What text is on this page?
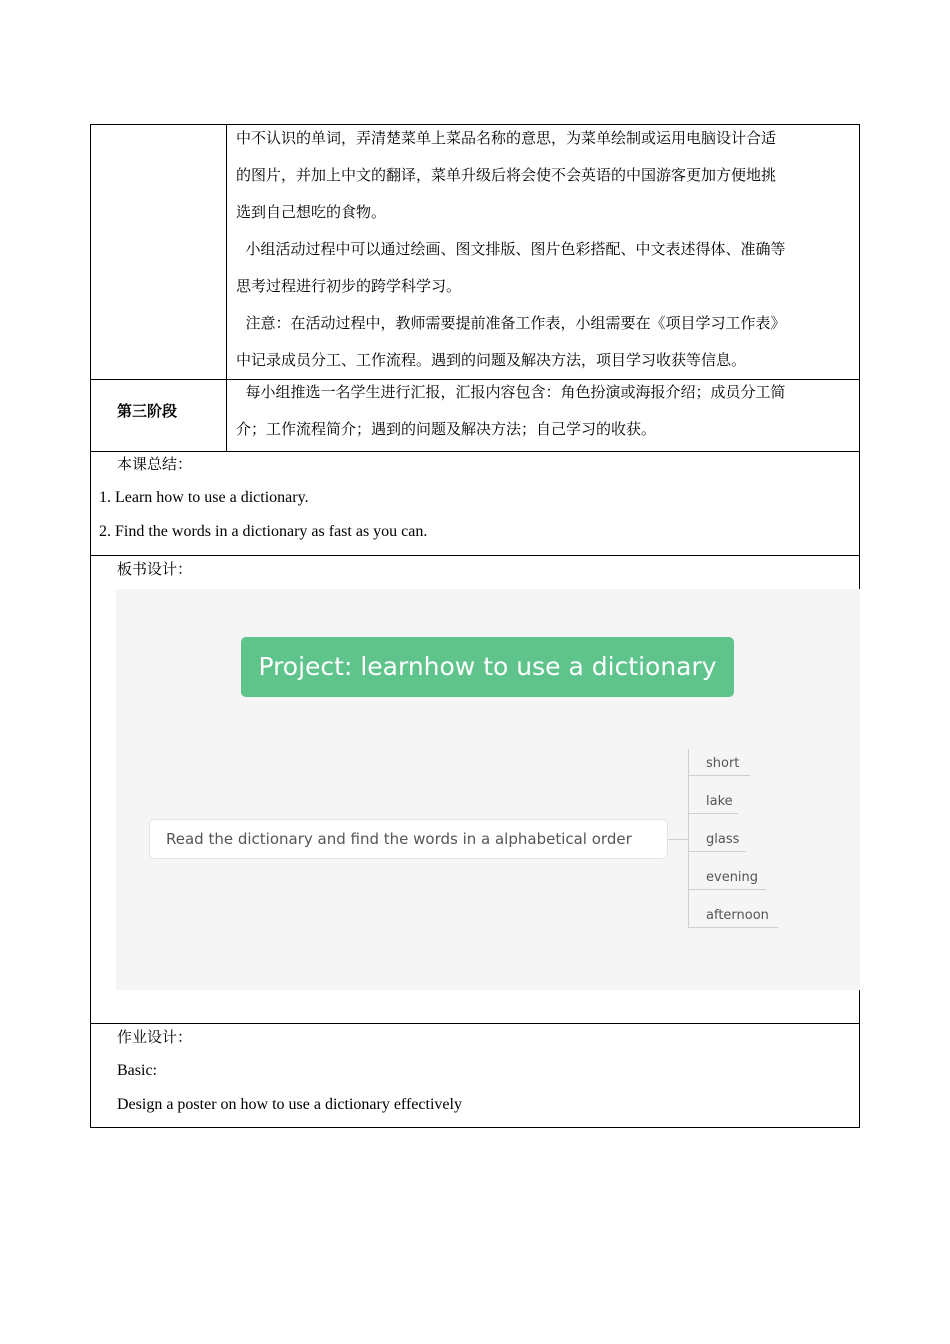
中不认识的单词，弄清楚菜单上菜品名称的意思，为菜单绘制或运用电脑设计合适
的图片，并加上中文的翻译，菜单升级后将会使不会英语的中国游客更加方便地挑
选到自己想吃的食物。
小组活动过程中可以通过绘画、图文排版、图片色彩搭配、中文表述得体、准确等
思考过程进行初步的跨学科学习。
注意：在活动过程中，教师需要提前准备工作表，小组需要在《项目学习工作表》
中记录成员分工、工作流程。遇到的问题及解决方法，项目学习收获等信息。
第三阶段
每小组推选一名学生进行汇报，汇报内容包含：角色扮演或海报介绍；成员分工简
介；工作流程简介；遇到的问题及解决方法；自己学习的收获。
本课总结：
1. Learn how to use a dictionary.
2. Find the words in a dictionary as fast as you can.
板书设计：
Project: learnhow to use a dictionary
Read the dictionary and find the words in a alphabetical order
short
lake
glass
evening
afternoon
作业设计：
Basic:
Design a poster on how to use a dictionary effectively
